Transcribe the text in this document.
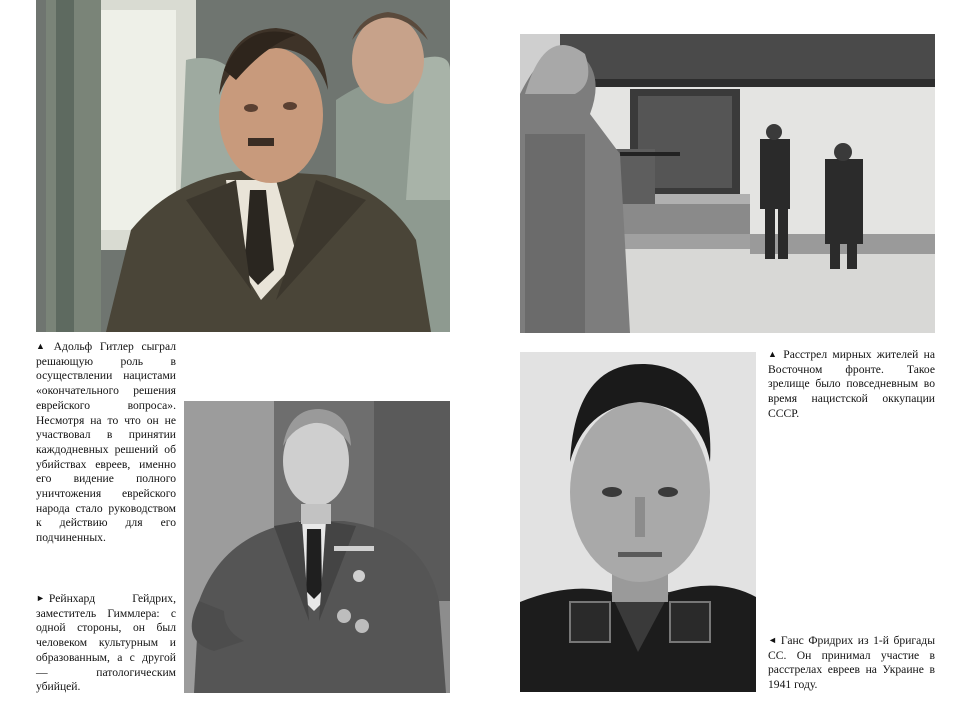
▲ Адольф Гитлер сыграл решающую роль в осуществлении нацистами «окончательного решения еврейского вопроса». Несмотря на то что он не участвовал в принятии каждодневных решений об убийствах евреев, именно его видение полного уничтожения еврейского народа стало руководством к действию для его подчиненных.
► Рейнхард Гейдрих, заместитель Гиммлера: с одной стороны, он был человеком культурным и образованным, а с другой — патологическим убийцей.
▲ Расстрел мирных жителей на Восточном фронте. Такое зрелище было повседневным во время нацистской оккупации СССР.
◄ Ганс Фридрих из 1-й бригады СС. Он принимал участие в расстрелах евреев на Украине в 1941 году.
